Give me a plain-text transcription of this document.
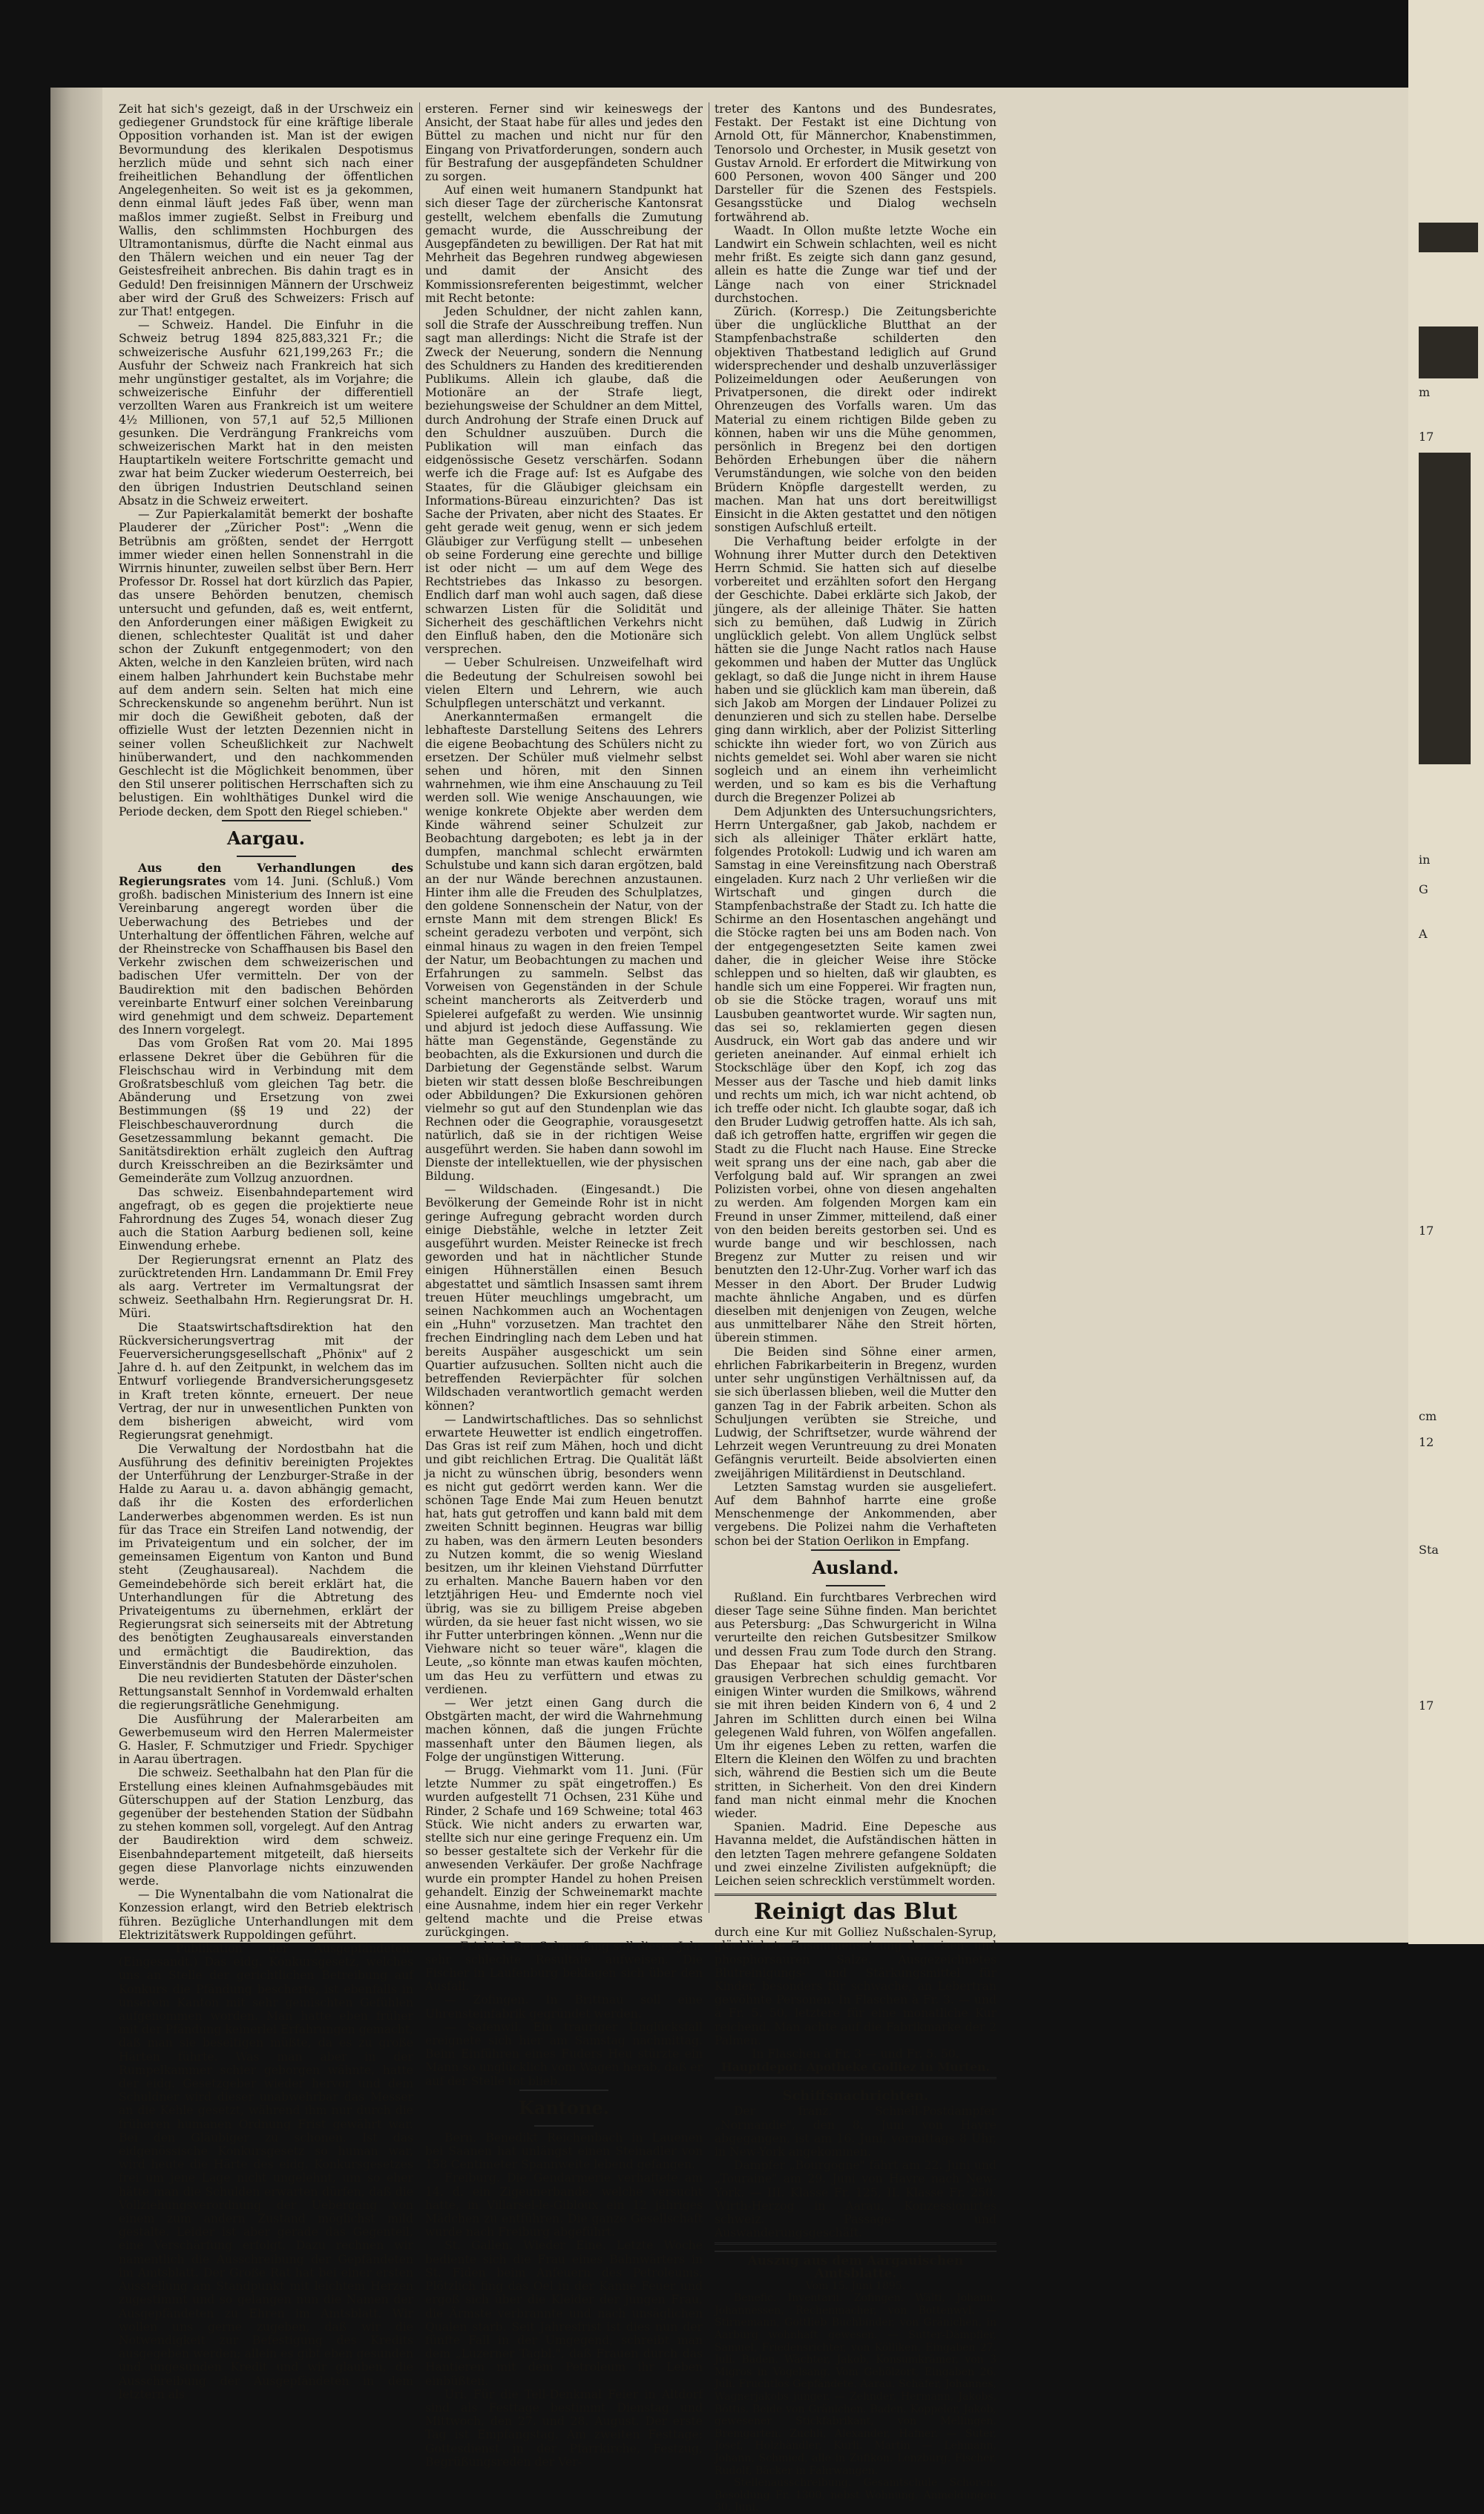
Zeit hat sich's gezeigt, daß in der Urschweiz ein gediegener Grundstock für eine kräftige liberale Opposition vorhanden ist. Man ist der ewigen Bevormundung des klerikalen Despotismus herzlich müde und sehnt sich nach einer freiheitlichen Behandlung der öffentlichen Angelegenheiten. So weit ist es ja gekommen, denn einmal läuft jedes Faß über, wenn man maßlos immer zugießt. Selbst in Freiburg und Wallis, den schlimmsten Hochburgen des Ultramontanismus, dürfte die Nacht einmal aus den Thälern weichen und ein neuer Tag der Geistesfreiheit anbrechen. Bis dahin tragt es in Geduld! Den freisinnigen Männern der Urschweiz aber wird der Gruß des Schweizers: Frisch auf zur That! entgegen.

— Schweiz. Handel. Die Einfuhr in die Schweiz betrug 1894 825,883,321 Fr.; die schweizerische Ausfuhr 621,199,263 Fr.; die Ausfuhr der Schweiz nach Frankreich hat sich mehr ungünstiger gestaltet, als im Vorjahre; die schweizerische Einfuhr der differentiell verzollten Waren aus Frankreich ist um weitere 4½ Millionen, von 57,1 auf 52,5 Millionen gesunken. Die Verdrängung Frankreichs vom schweizerischen Markt hat in den meisten Hauptartikeln weitere Fortschritte gemacht und zwar hat beim Zucker wiederum Oesterreich, bei den übrigen Industrien Deutschland seinen Absatz in die Schweiz erweitert.

— Zur Papierkalamität bemerkt der boshafte Plauderer der „Züricher Post": „Wenn die Betrübnis am größten, sendet der Herrgott immer wieder einen hellen Sonnenstrahl in die Wirrnis hinunter, zuweilen selbst über Bern. Herr Professor Dr. Rossel hat dort kürzlich das Papier, das unsere Behörden benutzen, chemisch untersucht und gefunden, daß es, weit entfernt, den Anforderungen einer mäßigen Ewigkeit zu dienen, schlechtester Qualität ist und daher schon der Zukunft entgegenmodert; von den Akten, welche in den Kanzleien brüten, wird nach einem halben Jahrhundert kein Buchstabe mehr auf dem andern sein. Selten hat mich eine Schreckenskunde so angenehm berührt. Nun ist mir doch die Gewißheit geboten, daß der offizielle Wust der letzten Dezennien nicht in seiner vollen Scheußlichkeit zur Nachwelt hinüberwandert, und den nachkommenden Geschlecht ist die Möglichkeit benommen, über den Stil unserer politischen Herrschaften sich zu belustigen. Ein wohlthätiges Dunkel wird die Periode decken, dem Spott den Riegel schieben."

Aargau.

Aus den Verhandlungen des Regierungsrates vom 14. Juni. (Schluß.) Vom großh. badischen Ministerium des Innern ist eine Vereinbarung angeregt worden über die Ueberwachung des Betriebes und der Unterhaltung der öffentlichen Fähren, welche auf der Rheinstrecke von Schaffhausen bis Basel den Verkehr zwischen dem schweizerischen und badischen Ufer vermitteln. Der von der Baudirektion mit den badischen Behörden vereinbarte Entwurf einer solchen Vereinbarung wird genehmigt und dem schweiz. Departement des Innern vorgelegt.

Das vom Großen Rat vom 20. Mai 1895 erlassene Dekret über die Gebühren für die Fleischschau wird in Verbindung mit dem Großratsbeschluß vom gleichen Tag betr. die Abänderung und Ersetzung von zwei Bestimmungen (§§ 19 und 22) der Fleischbeschauverordnung durch die Gesetzessammlung bekannt gemacht. Die Sanitätsdirektion erhält zugleich den Auftrag durch Kreisschreiben an die Bezirksämter und Gemeinderäte zum Vollzug anzuordnen.

Das schweiz. Eisenbahndepartement wird angefragt, ob es gegen die projektierte neue Fahrordnung des Zuges 54, wonach dieser Zug auch die Station Aarburg bedienen soll, keine Einwendung erhebe.

Der Regierungsrat ernennt an Platz des zurücktretenden Hrn. Landammann Dr. Emil Frey als aarg. Vertreter im Vermaltungsrat der schweiz. Seethalbahn Hrn. Regierungsrat Dr. H. Müri.

Die Staatswirtschaftsdirektion hat den Rückversicherungsvertrag mit der Feuerversicherungsgesellschaft „Phönix" auf 2 Jahre d. h. auf den Zeitpunkt, in welchem das im Entwurf vorliegende Brandversicherungsgesetz in Kraft treten könnte, erneuert. Der neue Vertrag, der nur in unwesentlichen Punkten von dem bisherigen abweicht, wird vom Regierungsrat genehmigt.

Die Verwaltung der Nordostbahn hat die Ausführung des definitiv bereinigten Projektes der Unterführung der Lenzburger-Straße in der Halde zu Aarau u. a. davon abhängig gemacht, daß ihr die Kosten des erforderlichen Landerwerbes abgenommen werden. Es ist nun für das Trace ein Streifen Land notwendig, der im Privateigentum und ein solcher, der im gemeinsamen Eigentum von Kanton und Bund steht (Zeughausareal). Nachdem die Gemeindebehörde sich bereit erklärt hat, die Unterhandlungen für die Abtretung des Privateigentums zu übernehmen, erklärt der Regierungsrat sich seinerseits mit der Abtretung des benötigten Zeughausareals einverstanden und ermächtigt die Baudirektion, das Einverständnis der Bundesbehörde einzuholen.

Die neu revidierten Statuten der Däster'schen Rettungsanstalt Sennhof in Vordemwald erhalten die regierungsrätliche Genehmigung.

Die Ausführung der Malerarbeiten am Gewerbemuseum wird den Herren Malermeister G. Hasler, F. Schmutziger und Friedr. Spychiger in Aarau übertragen.

Die schweiz. Seethalbahn hat den Plan für die Erstellung eines kleinen Aufnahmsgebäudes mit Güterschuppen auf der Station Lenzburg, das gegenüber der bestehenden Station der Südbahn zu stehen kommen soll, vorgelegt. Auf den Antrag der Baudirektion wird dem schweiz. Eisenbahndepartement mitgeteilt, daß hierseits gegen diese Planvorlage nichts einzuwenden werde.

— Die Wynentalbahn die vom Nationalrat die Konzession erlangt, wird den Betrieb elektrisch führen. Bezügliche Unterhandlungen mit dem Elektrizitätswerk Ruppoldingen geführt.

— Publikation der Ausgepfändeten. (Eingesandt.) Das eidg. Konkursgesetz, welches uns an Stelle der gerichtlichen Betreibung auf Konkurs die Pfändung bescherte, ist ebenfalls in unserem Kanton mit sehr gemischten Gefühlen aufgenommen worden. Man hatte eben früher mit der Pfändung keinerlei Erfahrungen gemacht, daß man sie beseitigen müßte, da es zu große Härten führte. Was man aber in der Rumpelkammer schier geborgen wähnte, hatte der eidg. Gesetzgeber wieder hervor und dem Schuldner wird dieser unabwehrbar das Messer an die Kehle gesetzt, während ihm nur durch die früheren humanen Ordnung Frist gewährt war. Bei den Gläubiger zu schonen. Ist das eidgenössische Konkursgesetz so human war, wird heute die Härte des eidg. Konkursgesetzes frei um jene Lage nicht ungelehnt, um so eher hätte man die Schulden erwarten dürfen, daß die Vollziehungsverordnung der Uebergang von einem zum andern Zustand möglichst mild gestalte. Leider ist aber gerade das Gegenteil, eine Verschärfung erfolgt. Dazu rechnen wir namentlich die Ausschreibung der Gepfändeten im Amtsblatt. Der Große Rat hat bei einer ersten Ausstellung am Standpunkt mit leichtem Herzen zugestimmt und so gelangen nun die Namen der Ausgepfändeten zu Ehren im Amtsblatt. Wir wollen uns gerne zugeben, daß wir die Notwendigkeit zur Befestigung des Kredits ausgegeben werden; allein es gibt eben gesunden und ungesunden Kredit und wir glauben, die Ausschreibung der Ausgepfändeten in dem letztern als

ersteren. Ferner sind wir keineswegs der Ansicht, der Staat habe für alles und jedes den Büttel zu machen und nicht nur für den Eingang von Privatforderungen, sondern auch für Bestrafung der ausgepfändeten Schuldner zu sorgen.

Auf einen weit humanern Standpunkt hat sich dieser Tage der zürcherische Kantonsrat gestellt, welchem ebenfalls die Zumutung gemacht wurde, die Ausschreibung der Ausgepfändeten zu bewilligen. Der Rat hat mit Mehrheit das Begehren rundweg abgewiesen und damit der Ansicht des Kommissionsreferenten beigestimmt, welcher mit Recht betonte:

Jeden Schuldner, der nicht zahlen kann, soll die Strafe der Ausschreibung treffen. Nun sagt man allerdings: Nicht die Strafe ist der Zweck der Neuerung, sondern die Nennung des Schuldners zu Handen des kreditierenden Publikums. Allein ich glaube, daß die Motionäre an der Strafe liegt, beziehungsweise der Schuldner an dem Mittel, durch Androhung der Strafe einen Druck auf den Schuldner auszuüben. Durch die Publikation will man einfach das eidgenössische Gesetz verschärfen. Sodann werfe ich die Frage auf: Ist es Aufgabe des Staates, für die Gläubiger gleichsam ein Informations-Büreau einzurichten? Das ist Sache der Privaten, aber nicht des Staates. Er geht gerade weit genug, wenn er sich jedem Gläubiger zur Verfügung stellt — unbesehen ob seine Forderung eine gerechte und billige ist oder nicht — um auf dem Wege des Rechtstriebes das Inkasso zu besorgen. Endlich darf man wohl auch sagen, daß diese schwarzen Listen für die Solidität und Sicherheit des geschäftlichen Verkehrs nicht den Einfluß haben, den die Motionäre sich versprechen.

— Ueber Schulreisen. Unzweifelhaft wird die Bedeutung der Schulreisen sowohl bei vielen Eltern und Lehrern, wie auch Schulpflegen unterschätzt und verkannt.

Anerkanntermaßen ermangelt die lebhafteste Darstellung Seitens des Lehrers die eigene Beobachtung des Schülers nicht zu ersetzen. Der Schüler muß vielmehr selbst sehen und hören, mit den Sinnen wahrnehmen, wie ihm eine Anschauung zu Teil werden soll. Wie wenige Anschauungen, wie wenige konkrete Objekte aber werden dem Kinde während seiner Schulzeit zur Beobachtung dargeboten; es lebt ja in der dumpfen, manchmal schlecht erwärmten Schulstube und kann sich daran ergötzen, bald an der nur Wände berechnen anzustaunen. Hinter ihm alle die Freuden des Schulplatzes, den goldene Sonnenschein der Natur, von der ernste Mann mit dem strengen Blick! Es scheint geradezu verboten und verpönt, sich einmal hinaus zu wagen in den freien Tempel der Natur, um Beobachtungen zu machen und Erfahrungen zu sammeln. Selbst das Vorweisen von Gegenständen in der Schule scheint mancherorts als Zeitverderb und Spielerei aufgefaßt zu werden. Wie unsinnig und abjurd ist jedoch diese Auffassung. Wie hätte man Gegenstände, Gegenstände zu beobachten, als die Exkursionen und durch die Darbietung der Gegenstände selbst. Warum bieten wir statt dessen bloße Beschreibungen oder Abbildungen? Die Exkursionen gehören vielmehr so gut auf den Stundenplan wie das Rechnen oder die Geographie, vorausgesetzt natürlich, daß sie in der richtigen Weise ausgeführt werden. Sie haben dann sowohl im Dienste der intellektuellen, wie der physischen Bildung.

— Wildschaden. (Eingesandt.) Die Bevölkerung der Gemeinde Rohr ist in nicht geringe Aufregung gebracht worden durch einige Diebstähle, welche in letzter Zeit ausgeführt wurden. Meister Reinecke ist frech geworden und hat in nächtlicher Stunde einigen Hühnerställen einen Besuch abgestattet und sämtlich Insassen samt ihrem treuen Hüter meuchlings umgebracht, um seinen Nachkommen auch an Wochentagen ein „Huhn" vorzusetzen. Man trachtet den frechen Eindringling nach dem Leben und hat bereits Auspäher ausgeschickt um sein Quartier aufzusuchen. Sollten nicht auch die betreffenden Revierpächter für solchen Wildschaden verantwortlich gemacht werden können?

— Landwirtschaftliches. Das so sehnlichst erwartete Heuwetter ist endlich eingetroffen. Das Gras ist reif zum Mähen, hoch und dicht und gibt reichlichen Ertrag. Die Qualität läßt ja nicht zu wünschen übrig, besonders wenn es nicht gut gedörrt werden kann. Wer die schönen Tage Ende Mai zum Heuen benutzt hat, hats gut getroffen und kann bald mit dem zweiten Schnitt beginnen. Heugras war billig zu haben, was den ärmern Leuten besonders zu Nutzen kommt, die so wenig Wiesland besitzen, um ihr kleinen Viehstand Dürrfutter zu erhalten. Manche Bauern haben vor den letztjährigen Heu- und Emdernte noch viel übrig, was sie zu billigem Preise abgeben würden, da sie heuer fast nicht wissen, wo sie ihr Futter unterbringen können. „Wenn nur die Viehware nicht so teuer wäre", klagen die Leute, „so könnte man etwas kaufen möchten, um das Heu zu verfüttern und etwas zu verdienen.

— Wer jetzt einen Gang durch die Obstgärten macht, der wird die Wahrnehmung machen können, daß die jungen Früchte massenhaft unter den Bäumen liegen, als Folge der ungünstigen Witterung.

— Brugg. Viehmarkt vom 11. Juni. (Für letzte Nummer zu spät eingetroffen.) Es wurden aufgestellt 71 Ochsen, 231 Kühe und Rinder, 2 Schafe und 169 Schweine; total 463 Stück. Wie nicht anders zu erwarten war, stellte sich nur eine geringe Frequenz ein. Um so besser gestaltete sich der Verkehr für die anwesenden Verkäufer. Der große Nachfrage wurde ein prompter Handel zu hohen Preisen gehandelt. Einzig der Schweinemarkt machte eine Ausnahme, indem hier ein reger Verkehr geltend machte und die Preise etwas zurückgingen.

— Fricktal. Der Salmenfang soll dieses Jahr sehr schlechte Resultate aufweisen. Die Fischer in Laufenburg beklagen sich über den Ausfall.

— Zofingen. In Brittnau soll eine Uhrensteinfabrik gegründet werden.

— Safenwil. Ein trauriger Unglücksfall ereignete sich hier am Samstag nachmittag. Beim Einführen eines Fuders Heu stürzte ein Mann so unglücklich vom Wagen herab, daß er auf der Stelle tot blieb.

Kantone.

Bern. Benedikt Reichenbach in Lauenen bei Saanen hat unlängst einen Steinadler von 158 Centimeter Spannweite lebend gefangen.

Freiburg. Die Gendarmerie verhaftete am 14. d. ein Zigeunerbande, welche versucht hatte, in Villarsel-le-Gibloux ein 12 jähriges Mädchen zu entführen. Die ganze Gesellschaft wurde nach Freiburg abgeführt.

St. Gallen. Wieder Eine. Letzte Woche bediente sich die Frau eines Bahnwärters in St. Fiden beim Anfeuern des Petroleums. Plötzlich fing das Oel in der Kanne Feuer und ergoß sich über die Kleider der jungen Frau, die Ärmste verbrannte und nach unsäglichen Qualen starb. Seit Jahresfrist ist dies nun der fünfte Fall in der Umgegend, schreibt man dem „Luzerner Tagbl.", daß Frauen durch das Hantieren mit dem Petroleum ihr Leben einbüßten.

Uri. Für die Tell-Denkmal Feier in Altdorf sind als Festtage bestimmt Dienstag und Mittwoch, den 27. und 28. August. Der erste Tag ist Empfangstag. Am zweiten Festtage: Gottesdienst in der Pfarrkirche, Festzug, Begrüßungsreden der Ver-

treter des Kantons und des Bundesrates, Festakt. Der Festakt ist eine Dichtung von Arnold Ott, für Männerchor, Knabenstimmen, Tenorsolo und Orchester, in Musik gesetzt von Gustav Arnold. Er erfordert die Mitwirkung von 600 Personen, wovon 400 Sänger und 200 Darsteller für die Szenen des Festspiels. Gesangsstücke und Dialog wechseln fortwährend ab.

Waadt. In Ollon mußte letzte Woche ein Landwirt ein Schwein schlachten, weil es nicht mehr frißt. Es zeigte sich dann ganz gesund, allein es hatte die Zunge war tief und der Länge nach von einer Stricknadel durchstochen.

Zürich. (Korresp.) Die Zeitungsberichte über die unglückliche Blutthat an der Stampfenbachstraße schilderten den objektiven Thatbestand lediglich auf Grund widersprechender und deshalb unzuverlässiger Polizeimeldungen oder Aeußerungen von Privatpersonen, die direkt oder indirekt Ohrenzeugen des Vorfalls waren. Um das Material zu einem richtigen Bilde geben zu können, haben wir uns die Mühe genommen, persönlich in Bregenz bei den dortigen Behörden Erhebungen über die nähern Verumständungen, wie solche von den beiden Brüdern Knöpfle dargestellt werden, zu machen. Man hat uns dort bereitwilligst Einsicht in die Akten gestattet und den nötigen sonstigen Aufschluß erteilt.

Die Verhaftung beider erfolgte in der Wohnung ihrer Mutter durch den Detektiven Herrn Schmid. Sie hatten sich auf dieselbe vorbereitet und erzählten sofort den Hergang der Geschichte. Dabei erklärte sich Jakob, der jüngere, als der alleinige Thäter. Sie hatten sich zu bemühen, daß Ludwig in Zürich unglücklich gelebt. Von allem Unglück selbst hätten sie die Junge Nacht ratlos nach Hause gekommen und haben der Mutter das Unglück geklagt, so daß die Junge nicht in ihrem Hause haben und sie glücklich kam man überein, daß sich Jakob am Morgen der Lindauer Polizei zu denunzieren und sich zu stellen habe. Derselbe ging dann wirklich, aber der Polizist Sitterling schickte ihn wieder fort, wo von Zürich aus nichts gemeldet sei. Wohl aber waren sie nicht sogleich und an einem ihn verheimlicht werden, und so kam es bis die Verhaftung durch die Bregenzer Polizei ab

Dem Adjunkten des Untersuchungsrichters, Herrn Untergaßner, gab Jakob, nachdem er sich als alleiniger Thäter erklärt hatte, folgendes Protokoll: Ludwig und ich waren am Samstag in eine Vereinsfitzung nach Oberstraß eingeladen. Kurz nach 2 Uhr verließen wir die Wirtschaft und gingen durch die Stampfenbachstraße der Stadt zu. Ich hatte die Schirme an den Hosentaschen angehängt und die Stöcke ragten bei uns am Boden nach. Von der entgegengesetzten Seite kamen zwei daher, die in gleicher Weise ihre Stöcke schleppen und so hielten, daß wir glaubten, es handle sich um eine Fopperei. Wir fragten nun, ob sie die Stöcke tragen, worauf uns mit Lausbuben geantwortet wurde. Wir sagten nun, das sei so, reklamierten gegen diesen Ausdruck, ein Wort gab das andere und wir gerieten aneinander. Auf einmal erhielt ich Stockschläge über den Kopf, ich zog das Messer aus der Tasche und hieb damit links und rechts um mich, ich war nicht achtend, ob ich treffe oder nicht. Ich glaubte sogar, daß ich den Bruder Ludwig getroffen hatte. Als ich sah, daß ich getroffen hatte, ergriffen wir gegen die Stadt zu die Flucht nach Hause. Eine Strecke weit sprang uns der eine nach, gab aber die Verfolgung bald auf. Wir sprangen an zwei Polizisten vorbei, ohne von diesen angehalten zu werden. Am folgenden Morgen kam ein Freund in unser Zimmer, mitteilend, daß einer von den beiden bereits gestorben sei. Und es wurde bange und wir beschlossen, nach Bregenz zur Mutter zu reisen und wir benutzten den 12-Uhr-Zug. Vorher warf ich das Messer in den Abort. Der Bruder Ludwig machte ähnliche Angaben, und es dürfen dieselben mit denjenigen von Zeugen, welche aus unmittelbarer Nähe den Streit hörten, überein stimmen.

Die Beiden sind Söhne einer armen, ehrlichen Fabrikarbeiterin in Bregenz, wurden unter sehr ungünstigen Verhältnissen auf, da sie sich überlassen blieben, weil die Mutter den ganzen Tag in der Fabrik arbeiten. Schon als Schuljungen verübten sie Streiche, und Ludwig, der Schriftsetzer, wurde während der Lehrzeit wegen Veruntreuung zu drei Monaten Gefängnis verurteilt. Beide absolvierten einen zweijährigen Militärdienst in Deutschland.

Letzten Samstag wurden sie ausgeliefert. Auf dem Bahnhof harrte eine große Menschenmenge der Ankommenden, aber vergebens. Die Polizei nahm die Verhafteten schon bei der Station Oerlikon in Empfang.

Ausland.

Rußland. Ein furchtbares Verbrechen wird dieser Tage seine Sühne finden. Man berichtet aus Petersburg: „Das Schwurgericht in Wilna verurteilte den reichen Gutsbesitzer Smilkow und dessen Frau zum Tode durch den Strang. Das Ehepaar hat sich eines furchtbaren grausigen Verbrechen schuldig gemacht. Vor einigen Winter wurden die Smilkows, während sie mit ihren beiden Kindern von 6, 4 und 2 Jahren im Schlitten durch einen bei Wilna gelegenen Wald fuhren, von Wölfen angefallen. Um ihr eigenes Leben zu retten, warfen die Eltern die Kleinen den Wölfen zu und brachten sich, während die Bestien sich um die Beute stritten, in Sicherheit. Von den drei Kindern fand man nicht einmal mehr die Knochen wieder.

Spanien. Madrid. Eine Depesche aus Havanna meldet, die Aufständischen hätten in den letzten Tagen mehrere gefangene Soldaten und zwei einzelne Zivilisten aufgeknüpft; die Leichen seien schrecklich verstümmelt worden.

Reinigt das Blut

durch eine Kur mit Golliez Nußschalen-Syrup, glücklichste Zusammensetzung der eisen- und phosphorsauren Salze. Ausgezeichnetes Blutreinigungs- und Stärkungsmittel für Kinder, besonders für schwache, an Lebertran gewöhnte Personen. In Flaschen à Fr. 3. — und à Fr. 5. 50, letztere für eine monatliche Kur reichend. Man achte auf die Fabrikmarke der 2 Palmen.

In Flaschen à Fr. 3 — und Fr. 5. 50.

Hauptdepot: Apotheke Golliez in Murten.

Schiffsnachrichten.

Der franz. Schnell-Postdampfer „Normandie", den 8. Juni von Havre abgegangen, ist am 16. Juni, vormittags 8 Uhr, in New-York angekommen.

Dampfer „Bourgogne" fährt am 22. Juni und „Touraine" am 29. Juni von Havre nach New-York. — III. Klasse Fr. 125, II. Klasse Fr. 250. Wirth-Herzog in Aarau, Konzessionirtes schweiz. Passage- und Auswanderungsgeschäft.

Auszug aus dem Aargauischen Amtsblatte.
Vom 15. Juni 1895.

Benefic. Inventarii. Zofingen. Wälti, Johann, Johannessen, Rechenmacher, von Bottenwyl. — Stirnemann, Gottlieb Buchbinder, von Gränichen, in Aarburg wohnhaft gewesen. — Sutter-Dämpfler, Samuel, Friedensrichter, von Kölliken. Eingaben 27. Juli. Baden. Wächter, Jakob, Konsumkrämer, von 3 Migros in Vogelsang. Vom Gehölzort, Eingaben 26. Juli. Fruchtlos Gepfändete. Aarau. Schäfer, Johannes, Wagnerjakobs jünger. — Zehnder, Hermann, Jakobs, Böttis. Beide von Gränichen. Baden. Koppeler, Jakob, gewesener Stickfabrikant, von Mellingen. Bremgarten. Zuchli, Alexander, Hafner. — Suter, Josef, Holzhändler, Kurli. Martin — Lehmann, Johann, Schmied, alle in Zufikon. Lenzburg. Fischer, Rudolf, Bäcker in Fahrwangen.

Stellenausschreibung. Gesamtschule Schoren. Besoldung Fr. 1300, nebst Wohnung. Anmeldungen 30. Juni.

m
17
in
G
A
17
cm
12
Sta
17
